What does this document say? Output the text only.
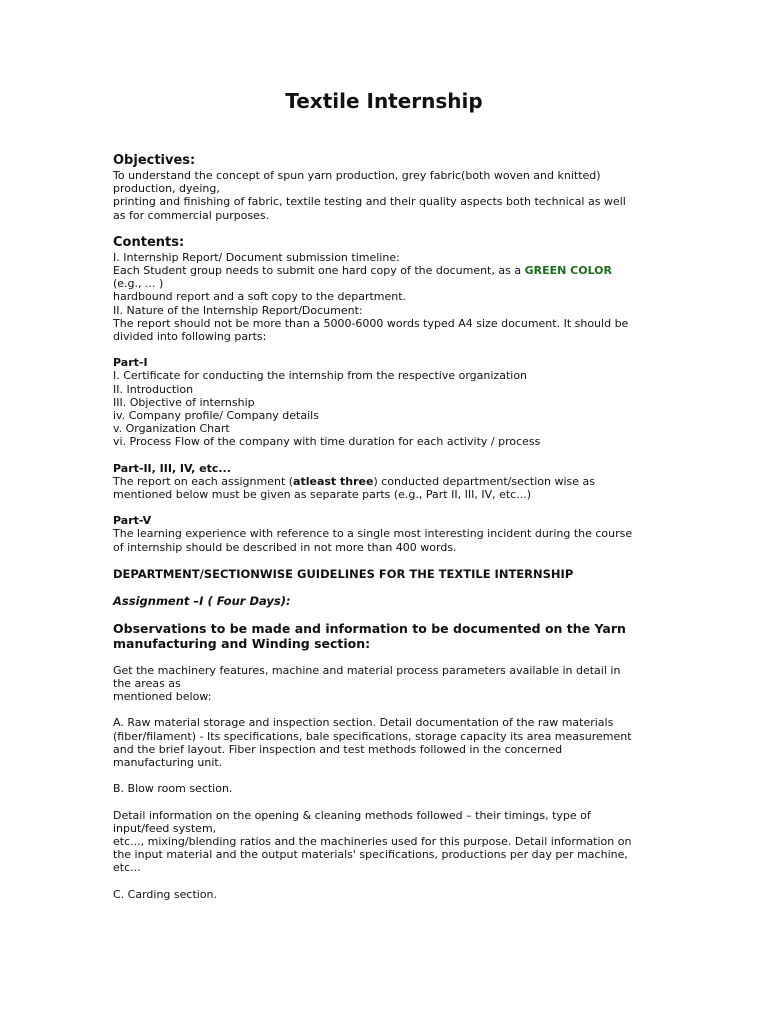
Textile Internship

Objectives:

To understand the concept of spun yarn production, grey fabric(both woven and knitted)

production, dyeing,

printing and finishing of fabric, textile testing and their quality aspects both technical as well

as for commercial purposes.

Contents:

I. Internship Report/ Document submission timeline:

Each Student group needs to submit one hard copy of the document, as a GREEN COLOR

(e.g., ... )

hardbound report and a soft copy to the department.

II. Nature of the Internship Report/Document:

The report should not be more than a 5000-6000 words typed A4 size document. It should be

divided into following parts:

Part-I

I. Certificate for conducting the internship from the respective organization

II. Introduction

III. Objective of internship

iv. Company profile/ Company details

v. Organization Chart

vi. Process Flow of the company with time duration for each activity / process

Part-II, III, IV, etc...

The report on each assignment (atleast three) conducted department/section wise as

mentioned below must be given as separate parts (e.g., Part II, III, IV, etc...)

Part-V

The learning experience with reference to a single most interesting incident during the course

of internship should be described in not more than 400 words.

DEPARTMENT/SECTIONWISE GUIDELINES FOR THE TEXTILE INTERNSHIP

Assignment –I ( Four Days):

Observations to be made and information to be documented on the Yarn

manufacturing and Winding section:

Get the machinery features, machine and material process parameters available in detail in

the areas as

mentioned below:

A. Raw material storage and inspection section. Detail documentation of the raw materials

(fiber/filament) - Its specifications, bale specifications, storage capacity its area measurement

and the brief layout. Fiber inspection and test methods followed in the concerned

manufacturing unit.

B. Blow room section.

Detail information on the opening & cleaning methods followed – their timings, type of

input/feed system,

etc..., mixing/blending ratios and the machineries used for this purpose. Detail information on

the input material and the output materials' specifications, productions per day per machine,

etc...

C. Carding section.
